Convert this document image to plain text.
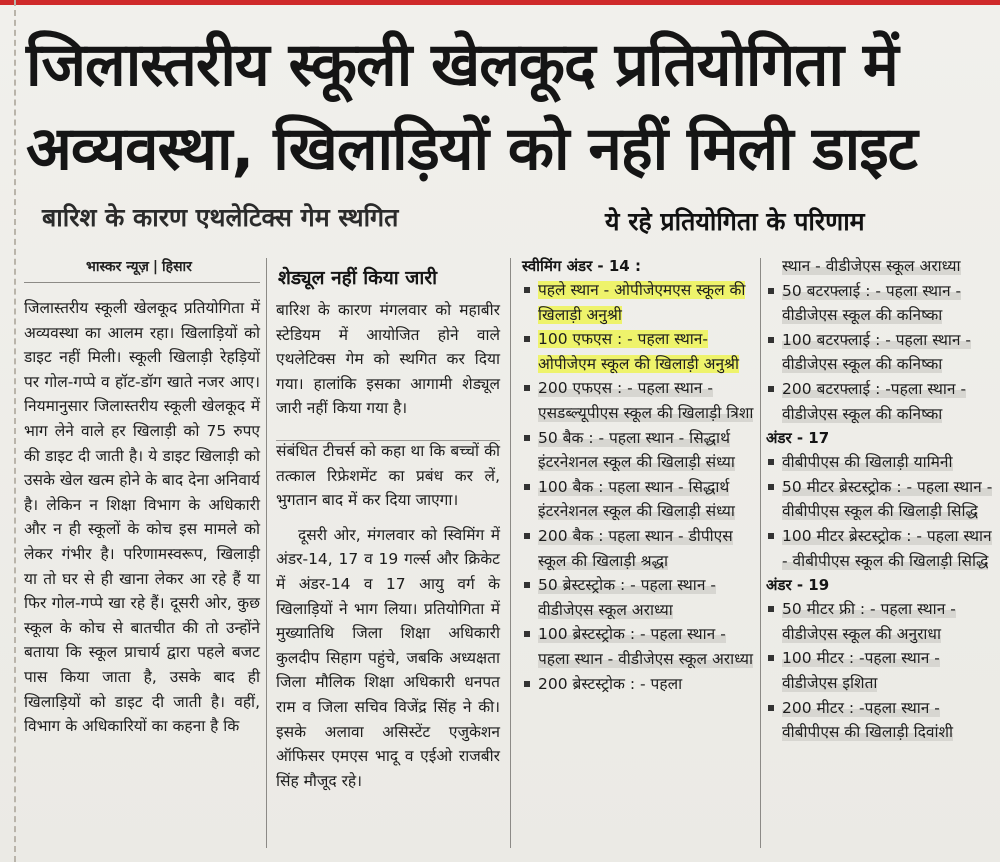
जिलास्तरीय स्कूली खेलकूद प्रतियोगिता में
अव्यवस्था, खिलाड़ियों को नहीं मिली डाइट
बारिश के कारण एथलेटिक्स गेम स्थगित	ये रहे प्रतियोगिता के परिणाम
भास्कर न्यूज़ | हिसार

जिलास्तरीय स्कूली खेलकूद प्रतियोगिता में अव्यवस्था का आलम रहा। खिलाड़ियों को डाइट नहीं मिली। स्कूली खिलाड़ी रेहड़ियों पर गोल-गप्पे व हॉट-डॉग खाते नजर आए। नियमानुसार जिलास्तरीय स्कूली खेलकूद में भाग लेने वाले हर खिलाड़ी को 75 रुपए की डाइट दी जाती है। ये डाइट खिलाड़ी को उसके खेल खत्म होने के बाद देना अनिवार्य है। लेकिन न शिक्षा विभाग के अधिकारी और न ही स्कूलों के कोच इस मामले को लेकर गंभीर है। परिणामस्वरूप, खिलाड़ी या तो घर से ही खाना लेकर आ रहे हैं या फिर गोल-गप्पे खा रहे हैं। दूसरी ओर, कुछ स्कूल के कोच से बातचीत की तो उन्होंने बताया कि स्कूल प्राचार्य द्वारा पहले बजट पास किया जाता है, उसके बाद ही खिलाड़ियों को डाइट दी जाती है। वहीं, विभाग के अधिकारियों का कहना है कि

शेड्यूल नहीं किया जारी

बारिश के कारण मंगलवार को महाबीर स्टेडियम में आयोजित होने वाले एथलेटिक्स गेम को स्थगित कर दिया गया। हालांकि इसका आगामी शेड्यूल जारी नहीं किया गया है।

संबंधित टीचर्स को कहा था कि बच्चों की तत्काल रिफ्रेशमेंट का प्रबंध कर लें, भुगतान बाद में कर दिया जाएगा।

दूसरी ओर, मंगलवार को स्विमिंग में अंडर-14, 17 व 19 गर्ल्स और क्रिकेट में अंडर-14 व 17 आयु वर्ग के खिलाड़ियों ने भाग लिया। प्रतियोगिता में मुख्यातिथि जिला शिक्षा अधिकारी कुलदीप सिहाग पहुंचे, जबकि अध्यक्षता जिला मौलिक शिक्षा अधिकारी धनपत राम व जिला सचिव विजेंद्र सिंह ने की। इसके अलावा असिस्टेंट एजुकेशन ऑफिसर एमएस भादू व एईओ राजबीर सिंह मौजूद रहे।

स्वीमिंग अंडर - 14 :
पहले स्थान - ओपीजेएमएस स्कूल की खिलाड़ी अनुश्री
100 एफएस : - पहला स्थान- ओपीजेएम स्कूल की खिलाड़ी अनुश्री
200 एफएस : - पहला स्थान - एसडब्ल्यूपीएस स्कूल की खिलाड़ी त्रिशा
50 बैक : - पहला स्थान - सिद्धार्थ इंटरनेशनल स्कूल की खिलाड़ी संध्या
100 बैक : पहला स्थान - सिद्धार्थ इंटरनेशनल स्कूल की खिलाड़ी संध्या
200 बैक : पहला स्थान - डीपीएस स्कूल की खिलाड़ी श्रद्धा
50 ब्रेस्टस्ट्रोक : - पहला स्थान - वीडीजेएस स्कूल अराध्या
100 ब्रेस्टस्ट्रोक : - पहला स्थान - पहला स्थान - वीडीजेएस स्कूल अराध्या
200 ब्रेस्टस्ट्रोक : - पहला
स्थान - वीडीजेएस स्कूल अराध्या
50 बटरफ्लाई : - पहला स्थान - वीडीजेएस स्कूल की कनिष्का
100 बटरफ्लाई : - पहला स्थान - वीडीजेएस स्कूल की कनिष्का
200 बटरफ्लाई : -पहला स्थान - वीडीजेएस स्कूल की कनिष्का
अंडर - 17
वीबीपीएस की खिलाड़ी यामिनी
50 मीटर ब्रेस्टस्ट्रोक : - पहला स्थान - वीबीपीएस स्कूल की खिलाड़ी सिद्धि
100 मीटर ब्रेस्टस्ट्रोक : - पहला स्थान - वीबीपीएस स्कूल की खिलाड़ी सिद्धि
अंडर - 19
50 मीटर फ्री : - पहला स्थान - वीडीजेएस स्कूल की अनुराधा
100 मीटर : -पहला स्थान - वीडीजेएस इशिता
200 मीटर : -पहला स्थान - वीबीपीएस की खिलाड़ी दिवांशी
